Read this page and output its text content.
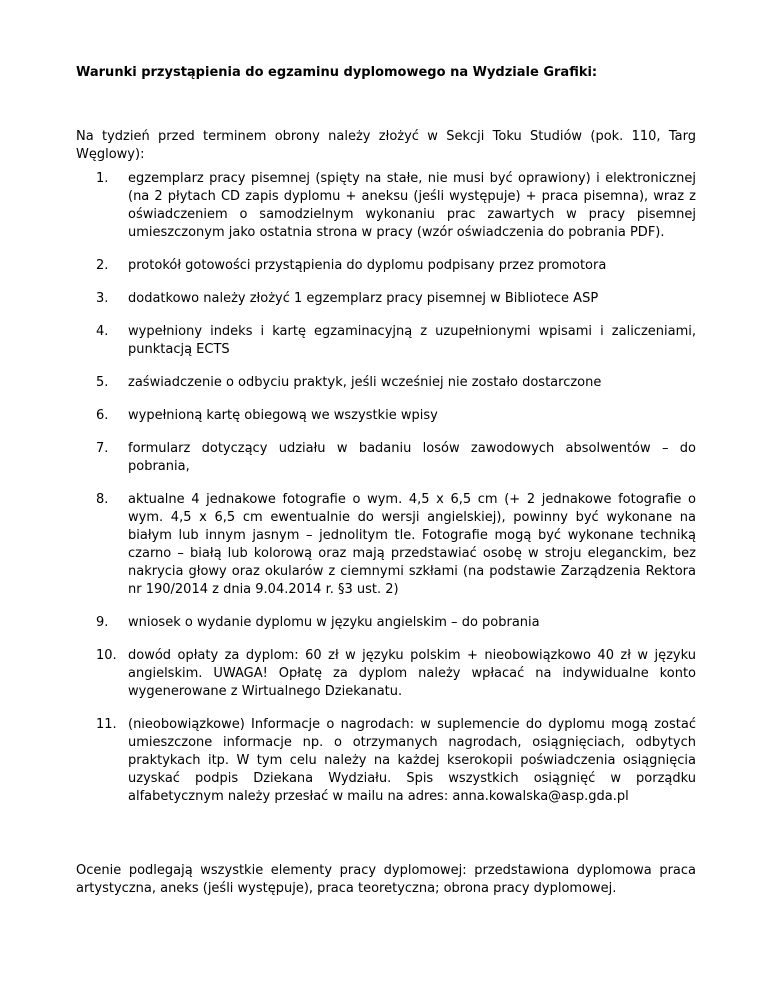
Warunki przystąpienia do egzaminu dyplomowego na Wydziale Grafiki:

Na tydzień przed terminem obrony należy złożyć w Sekcji Toku Studiów (pok. 110, Targ Węglowy):

1.	egzemplarz pracy pisemnej (spięty na stałe, nie musi być oprawiony) i elektronicznej (na 2 płytach CD zapis dyplomu + aneksu (jeśli występuje) + praca pisemna), wraz z oświadczeniem o samodzielnym wykonaniu prac zawartych w pracy pisemnej umieszczonym jako ostatnia strona w pracy (wzór oświadczenia do pobrania PDF).
2.	protokół gotowości przystąpienia do dyplomu podpisany przez promotora
3.	dodatkowo należy złożyć 1 egzemplarz pracy pisemnej w Bibliotece ASP
4.	wypełniony indeks i kartę egzaminacyjną z uzupełnionymi wpisami i zaliczeniami, punktacją ECTS
5.	zaświadczenie o odbyciu praktyk, jeśli wcześniej nie zostało dostarczone
6.	wypełnioną kartę obiegową we wszystkie wpisy
7.	formularz dotyczący udziału w badaniu losów zawodowych absolwentów – do pobrania,
8.	aktualne 4 jednakowe fotografie o wym. 4,5 x 6,5 cm (+ 2 jednakowe fotografie o wym. 4,5 x 6,5 cm ewentualnie do wersji angielskiej), powinny być wykonane na białym lub innym jasnym – jednolitym tle. Fotografie mogą być wykonane techniką czarno – białą lub kolorową oraz mają przedstawiać osobę w stroju eleganckim, bez nakrycia głowy oraz okularów z ciemnymi szkłami (na podstawie Zarządzenia Rektora nr 190/2014 z dnia 9.04.2014 r. §3 ust. 2)
9.	wniosek o wydanie dyplomu w języku angielskim – do pobrania
10. dowód opłaty za dyplom: 60 zł w języku polskim + nieobowiązkowo 40 zł w języku angielskim. UWAGA! Opłatę za dyplom należy wpłacać na indywidualne konto wygenerowane z Wirtualnego Dziekanatu.
11. (nieobowiązkowe) Informacje o nagrodach: w suplemencie do dyplomu mogą zostać umieszczone informacje np. o otrzymanych nagrodach, osiągnięciach, odbytych praktykach itp. W tym celu należy na każdej kserokopii poświadczenia osiągnięcia uzyskać podpis Dziekana Wydziału. Spis wszystkich osiągnięć w porządku alfabetycznym należy przesłać w mailu na adres: anna.kowalska@asp.gda.pl

Ocenie podlegają wszystkie elementy pracy dyplomowej: przedstawiona dyplomowa praca artystyczna, aneks (jeśli występuje), praca teoretyczna; obrona pracy dyplomowej.
